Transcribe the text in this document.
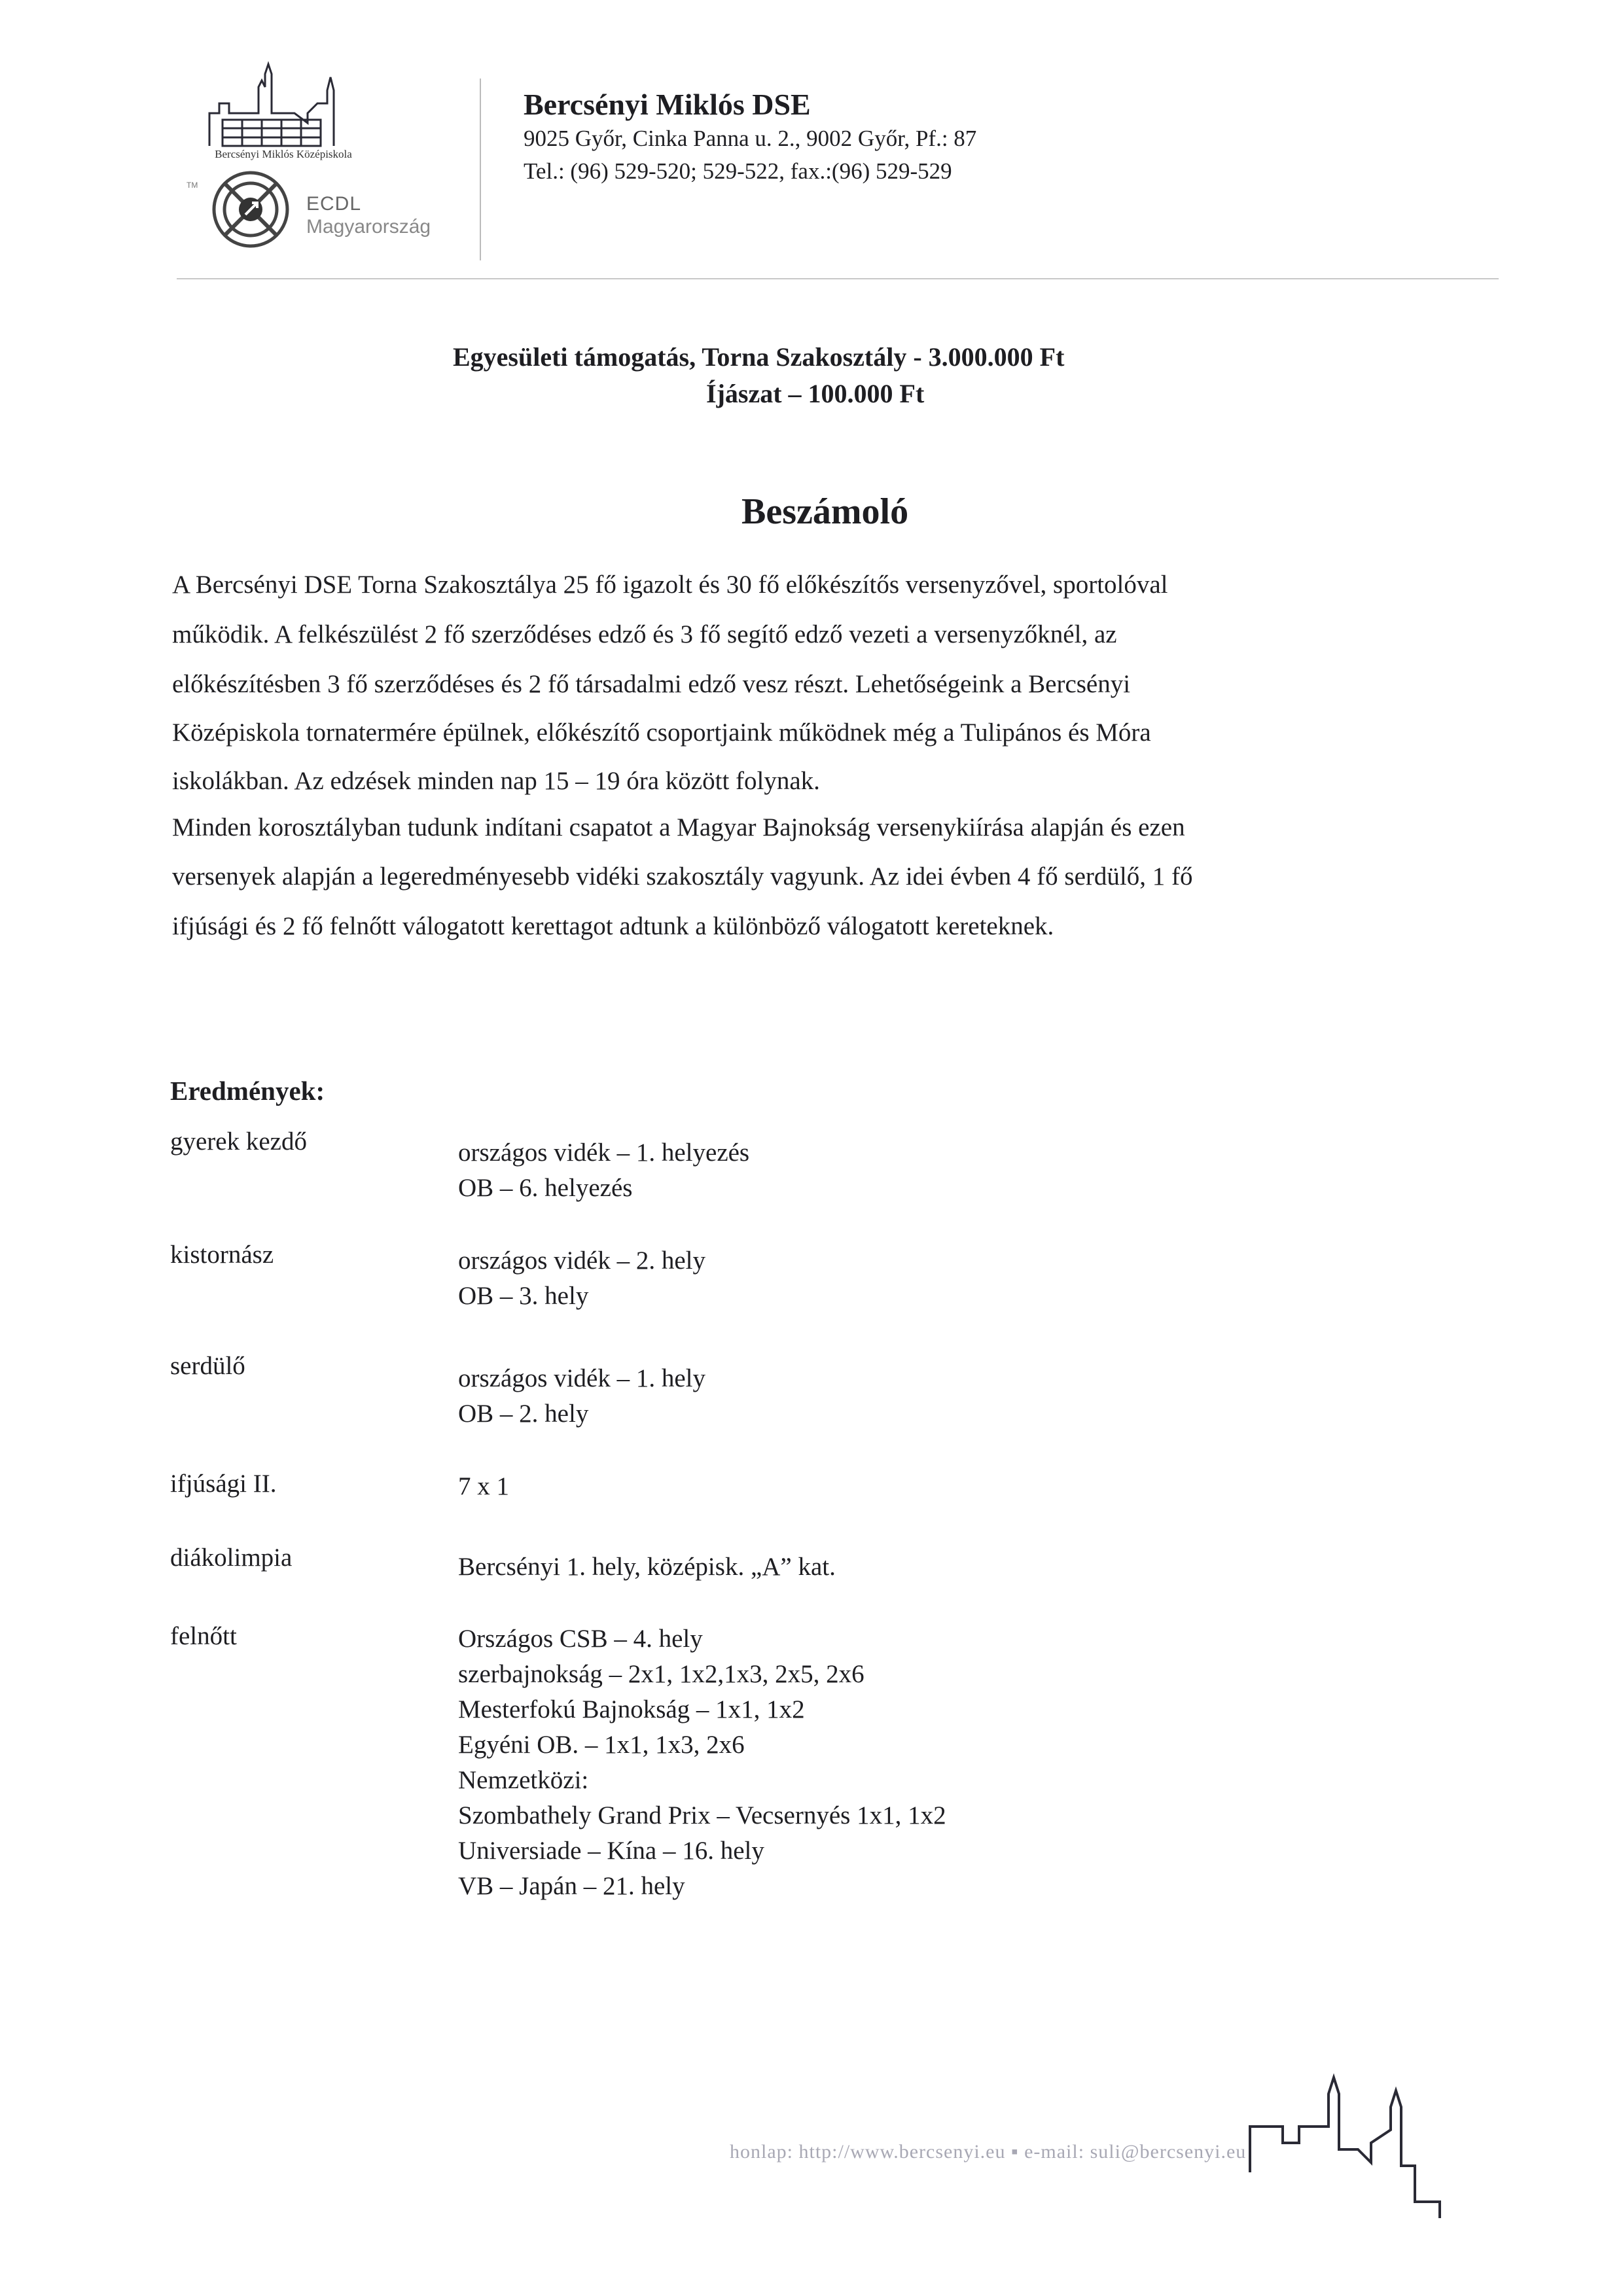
Bercsényi Miklós Középiskola
TM
ECDL
Magyarország
Bercsényi Miklós DSE
9025 Győr, Cinka Panna u. 2., 9002 Győr, Pf.: 87
Tel.: (96) 529-520; 529-522, fax.:(96) 529-529
Egyesületi támogatás, Torna Szakosztály - 3.000.000 Ft
Íjászat – 100.000 Ft
Beszámoló
A Bercsényi DSE Torna Szakosztálya 25 fő igazolt és 30 fő előkészítős versenyzővel, sportolóval
működik. A felkészülést 2 fő szerződéses edző és 3 fő segítő edző vezeti a versenyzőknél, az
előkészítésben 3 fő szerződéses és 2 fő társadalmi edző vesz részt. Lehetőségeink a Bercsényi
Középiskola tornatermére épülnek, előkészítő csoportjaink működnek még a Tulipános és Móra
iskolákban. Az edzések minden nap 15 – 19 óra között folynak.
Minden korosztályban tudunk indítani csapatot a Magyar Bajnokság versenykiírása alapján és ezen
versenyek alapján a legeredményesebb vidéki szakosztály vagyunk. Az idei évben 4 fő serdülő, 1 fő
ifjúsági és 2 fő felnőtt válogatott kerettagot adtunk a különböző válogatott kereteknek.
Eredmények:
gyerek kezdő	országos vidék – 1. helyezés
OB – 6. helyezés
kistornász	országos vidék – 2. hely
OB – 3. hely
serdülő	országos vidék – 1. hely
OB – 2. hely
ifjúsági II.	7 x 1
diákolimpia	Bercsényi 1. hely, középisk. „A” kat.
felnőtt	Országos CSB – 4. hely
szerbajnokság – 2x1, 1x2,1x3, 2x5, 2x6
Mesterfokú Bajnokság – 1x1, 1x2
Egyéni OB. – 1x1, 1x3, 2x6
Nemzetközi:
Szombathely Grand Prix – Vecsernyés 1x1, 1x2
Universiade – Kína – 16. hely
VB – Japán – 21. hely
honlap: http://www.bercsenyi.eu ▪ e-mail: suli@bercsenyi.eu
